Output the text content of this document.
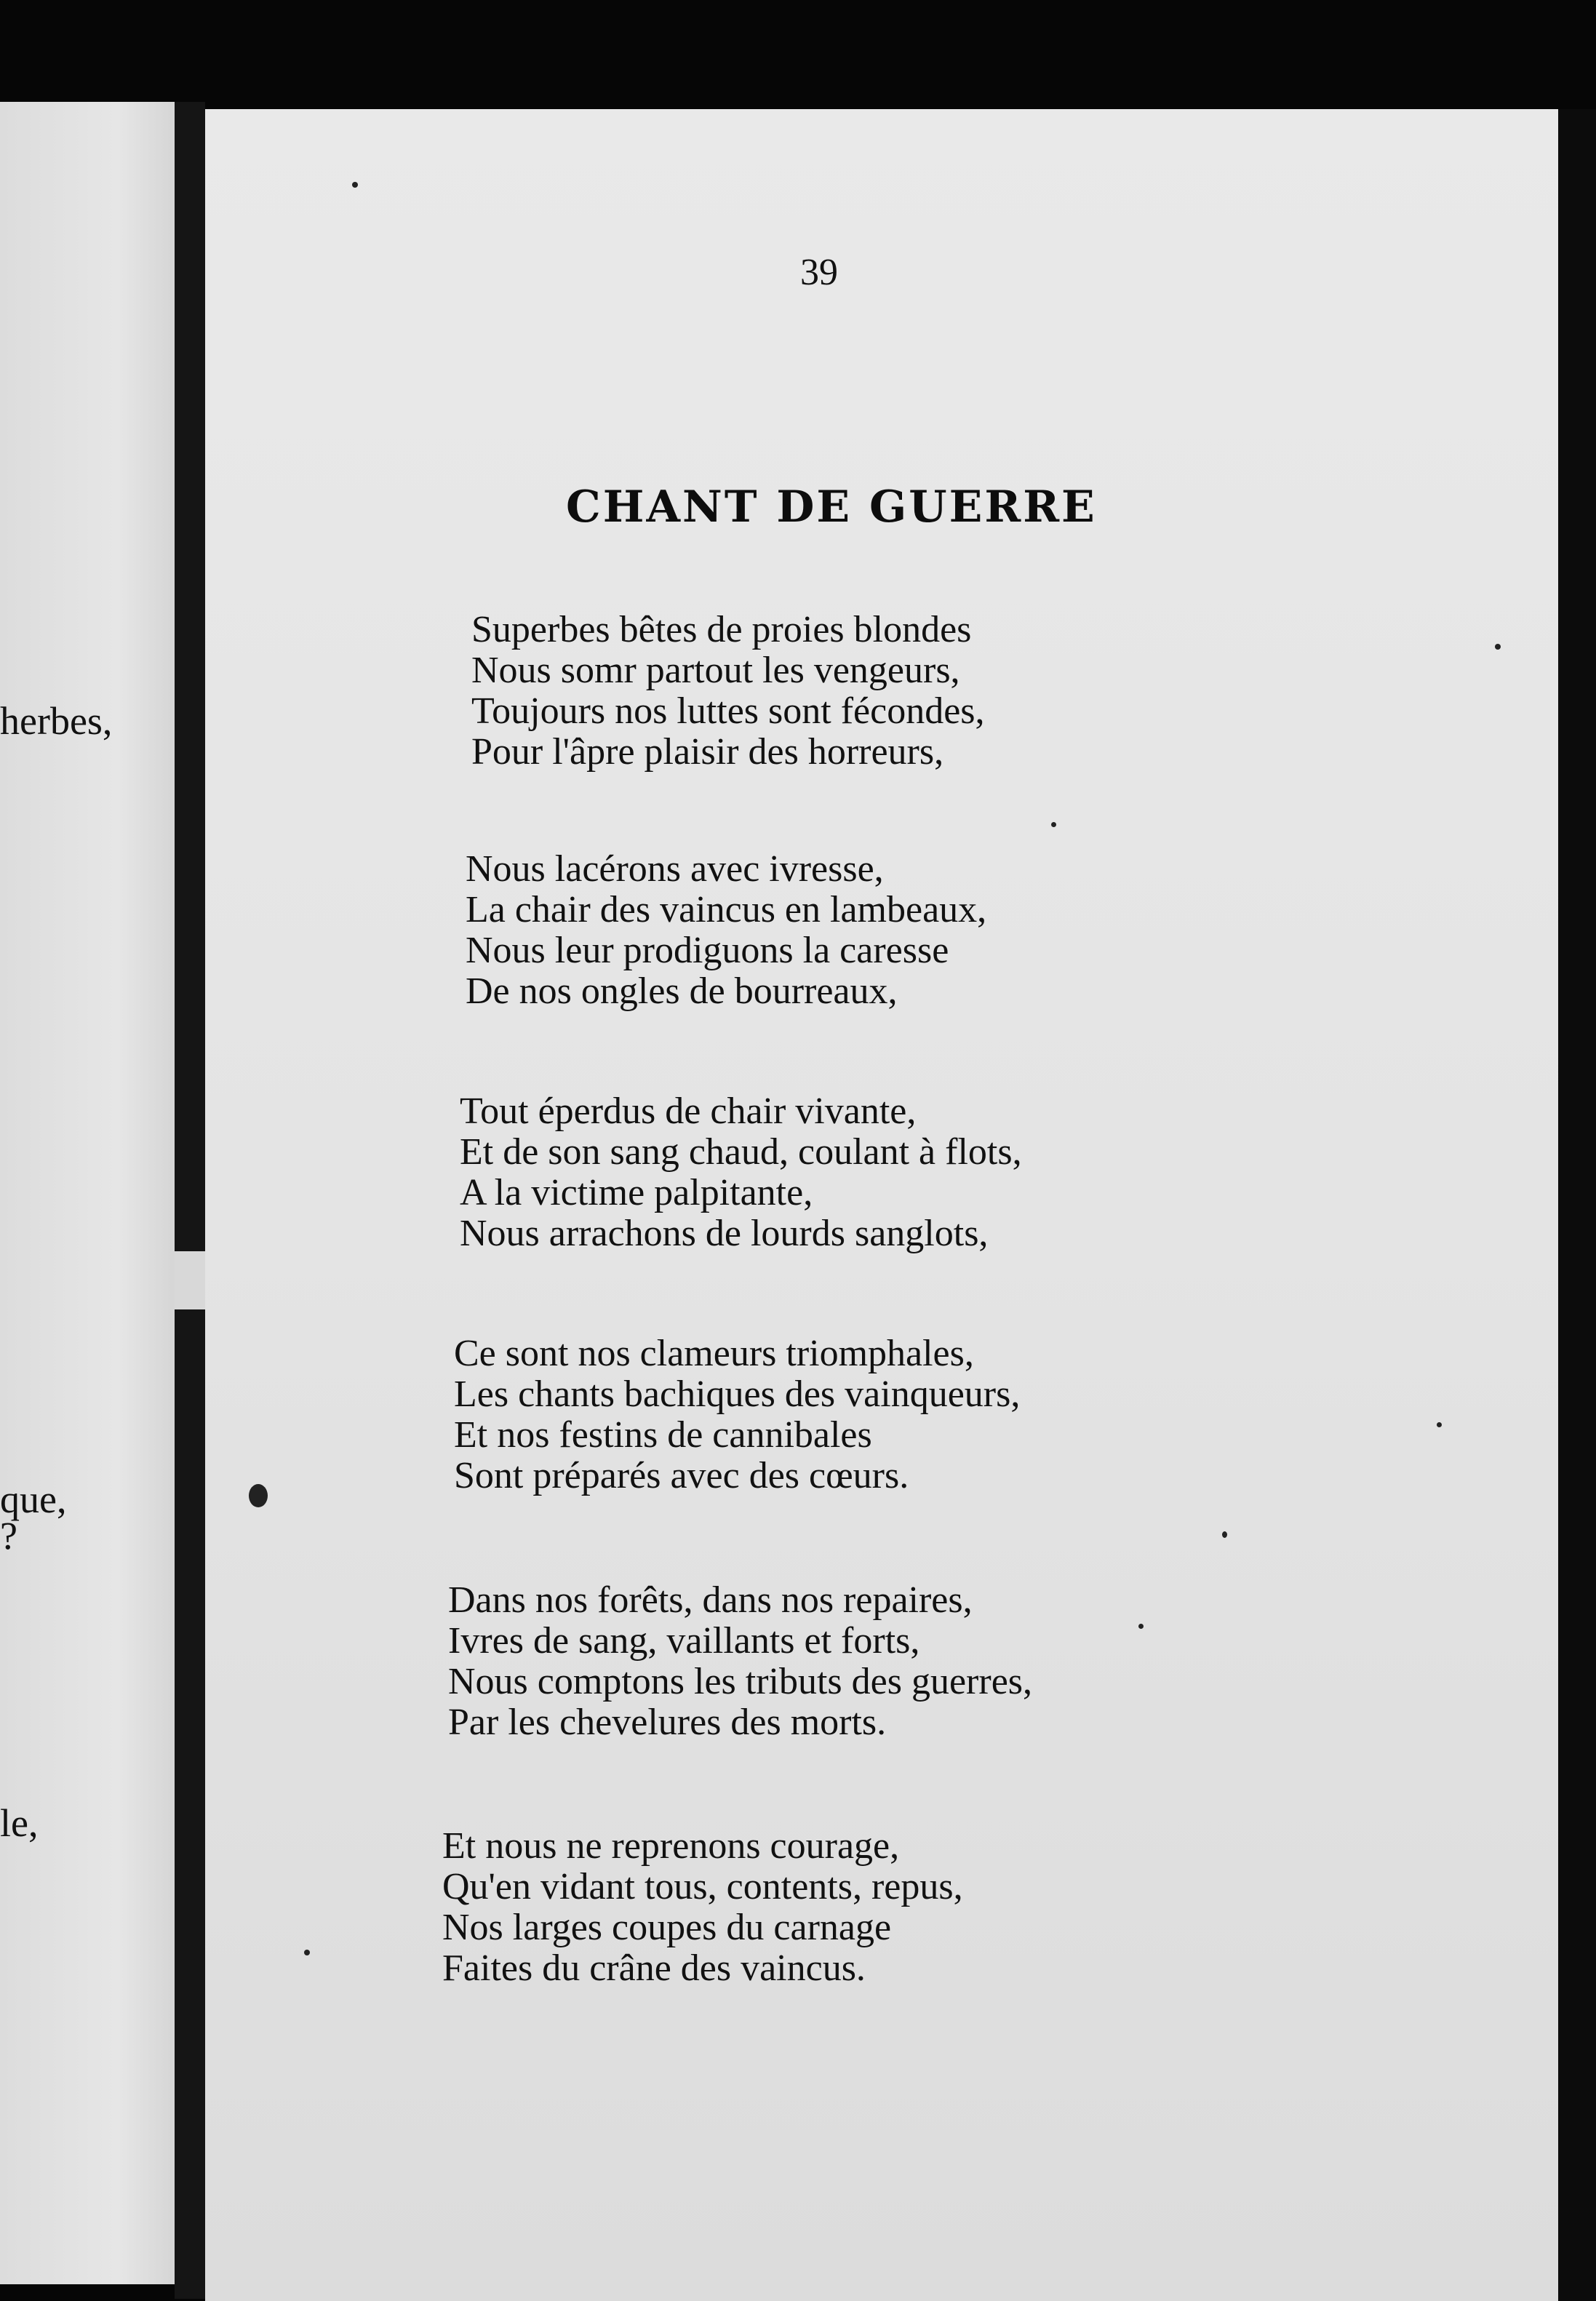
herbes,
que,
?
le,
39
CHANT DE GUERRE
Superbes bêtes de proies blondes
Nous somr partout les vengeurs,
Toujours nos luttes sont fécondes,
Pour l'âpre plaisir des horreurs,
Nous lacérons avec ivresse,
La chair des vaincus en lambeaux,
Nous leur prodiguons la caresse
De nos ongles de bourreaux,
Tout éperdus de chair vivante,
Et de son sang chaud, coulant à flots,
A la victime palpitante,
Nous arrachons de lourds sanglots,
Ce sont nos clameurs triomphales,
Les chants bachiques des vainqueurs,
Et nos festins de cannibales
Sont préparés avec des cœurs.
Dans nos forêts, dans nos repaires,
Ivres de sang, vaillants et forts,
Nous comptons les tributs des guerres,
Par les chevelures des morts.
Et nous ne reprenons courage,
Qu'en vidant tous, contents, repus,
Nos larges coupes du carnage
Faites du crâne des vaincus.
